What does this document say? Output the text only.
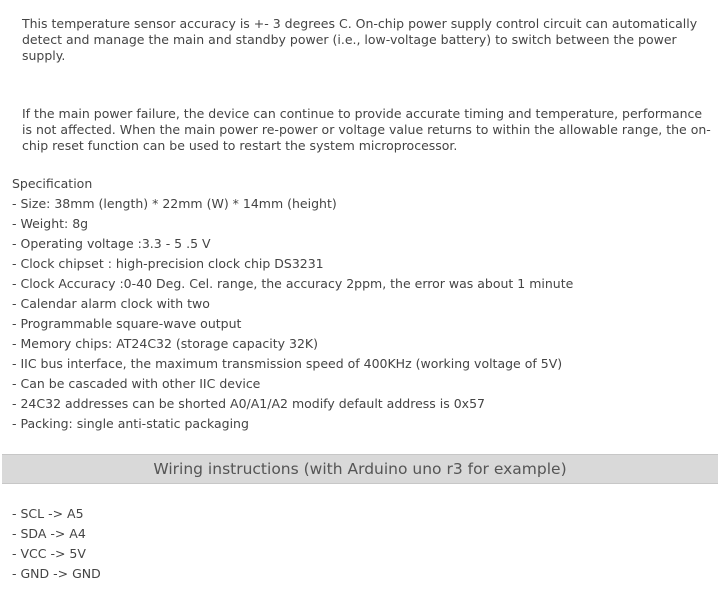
This temperature sensor accuracy is +- 3 degrees C. On-chip power supply control circuit can automatically detect and manage the main and standby power (i.e., low-voltage battery) to switch between the power supply.

If the main power failure, the device can continue to provide accurate timing and temperature, performance is not affected. When the main power re-power or voltage value returns to within the allowable range, the on-chip reset function can be used to restart the system microprocessor.

Specification
- Size: 38mm (length) * 22mm (W) * 14mm (height)
- Weight: 8g
- Operating voltage :3.3 - 5 .5 V
- Clock chipset : high-precision clock chip DS3231
- Clock Accuracy :0-40 Deg. Cel. range, the accuracy 2ppm, the error was about 1 minute
- Calendar alarm clock with two
- Programmable square-wave output
- Memory chips: AT24C32 (storage capacity 32K)
- IIC bus interface, the maximum transmission speed of 400KHz (working voltage of 5V)
- Can be cascaded with other IIC device
- 24C32 addresses can be shorted A0/A1/A2 modify default address is 0x57
- Packing: single anti-static packaging
Wiring instructions (with Arduino uno r3 for example)
- SCL -> A5
- SDA -> A4
- VCC -> 5V
- GND -> GND
